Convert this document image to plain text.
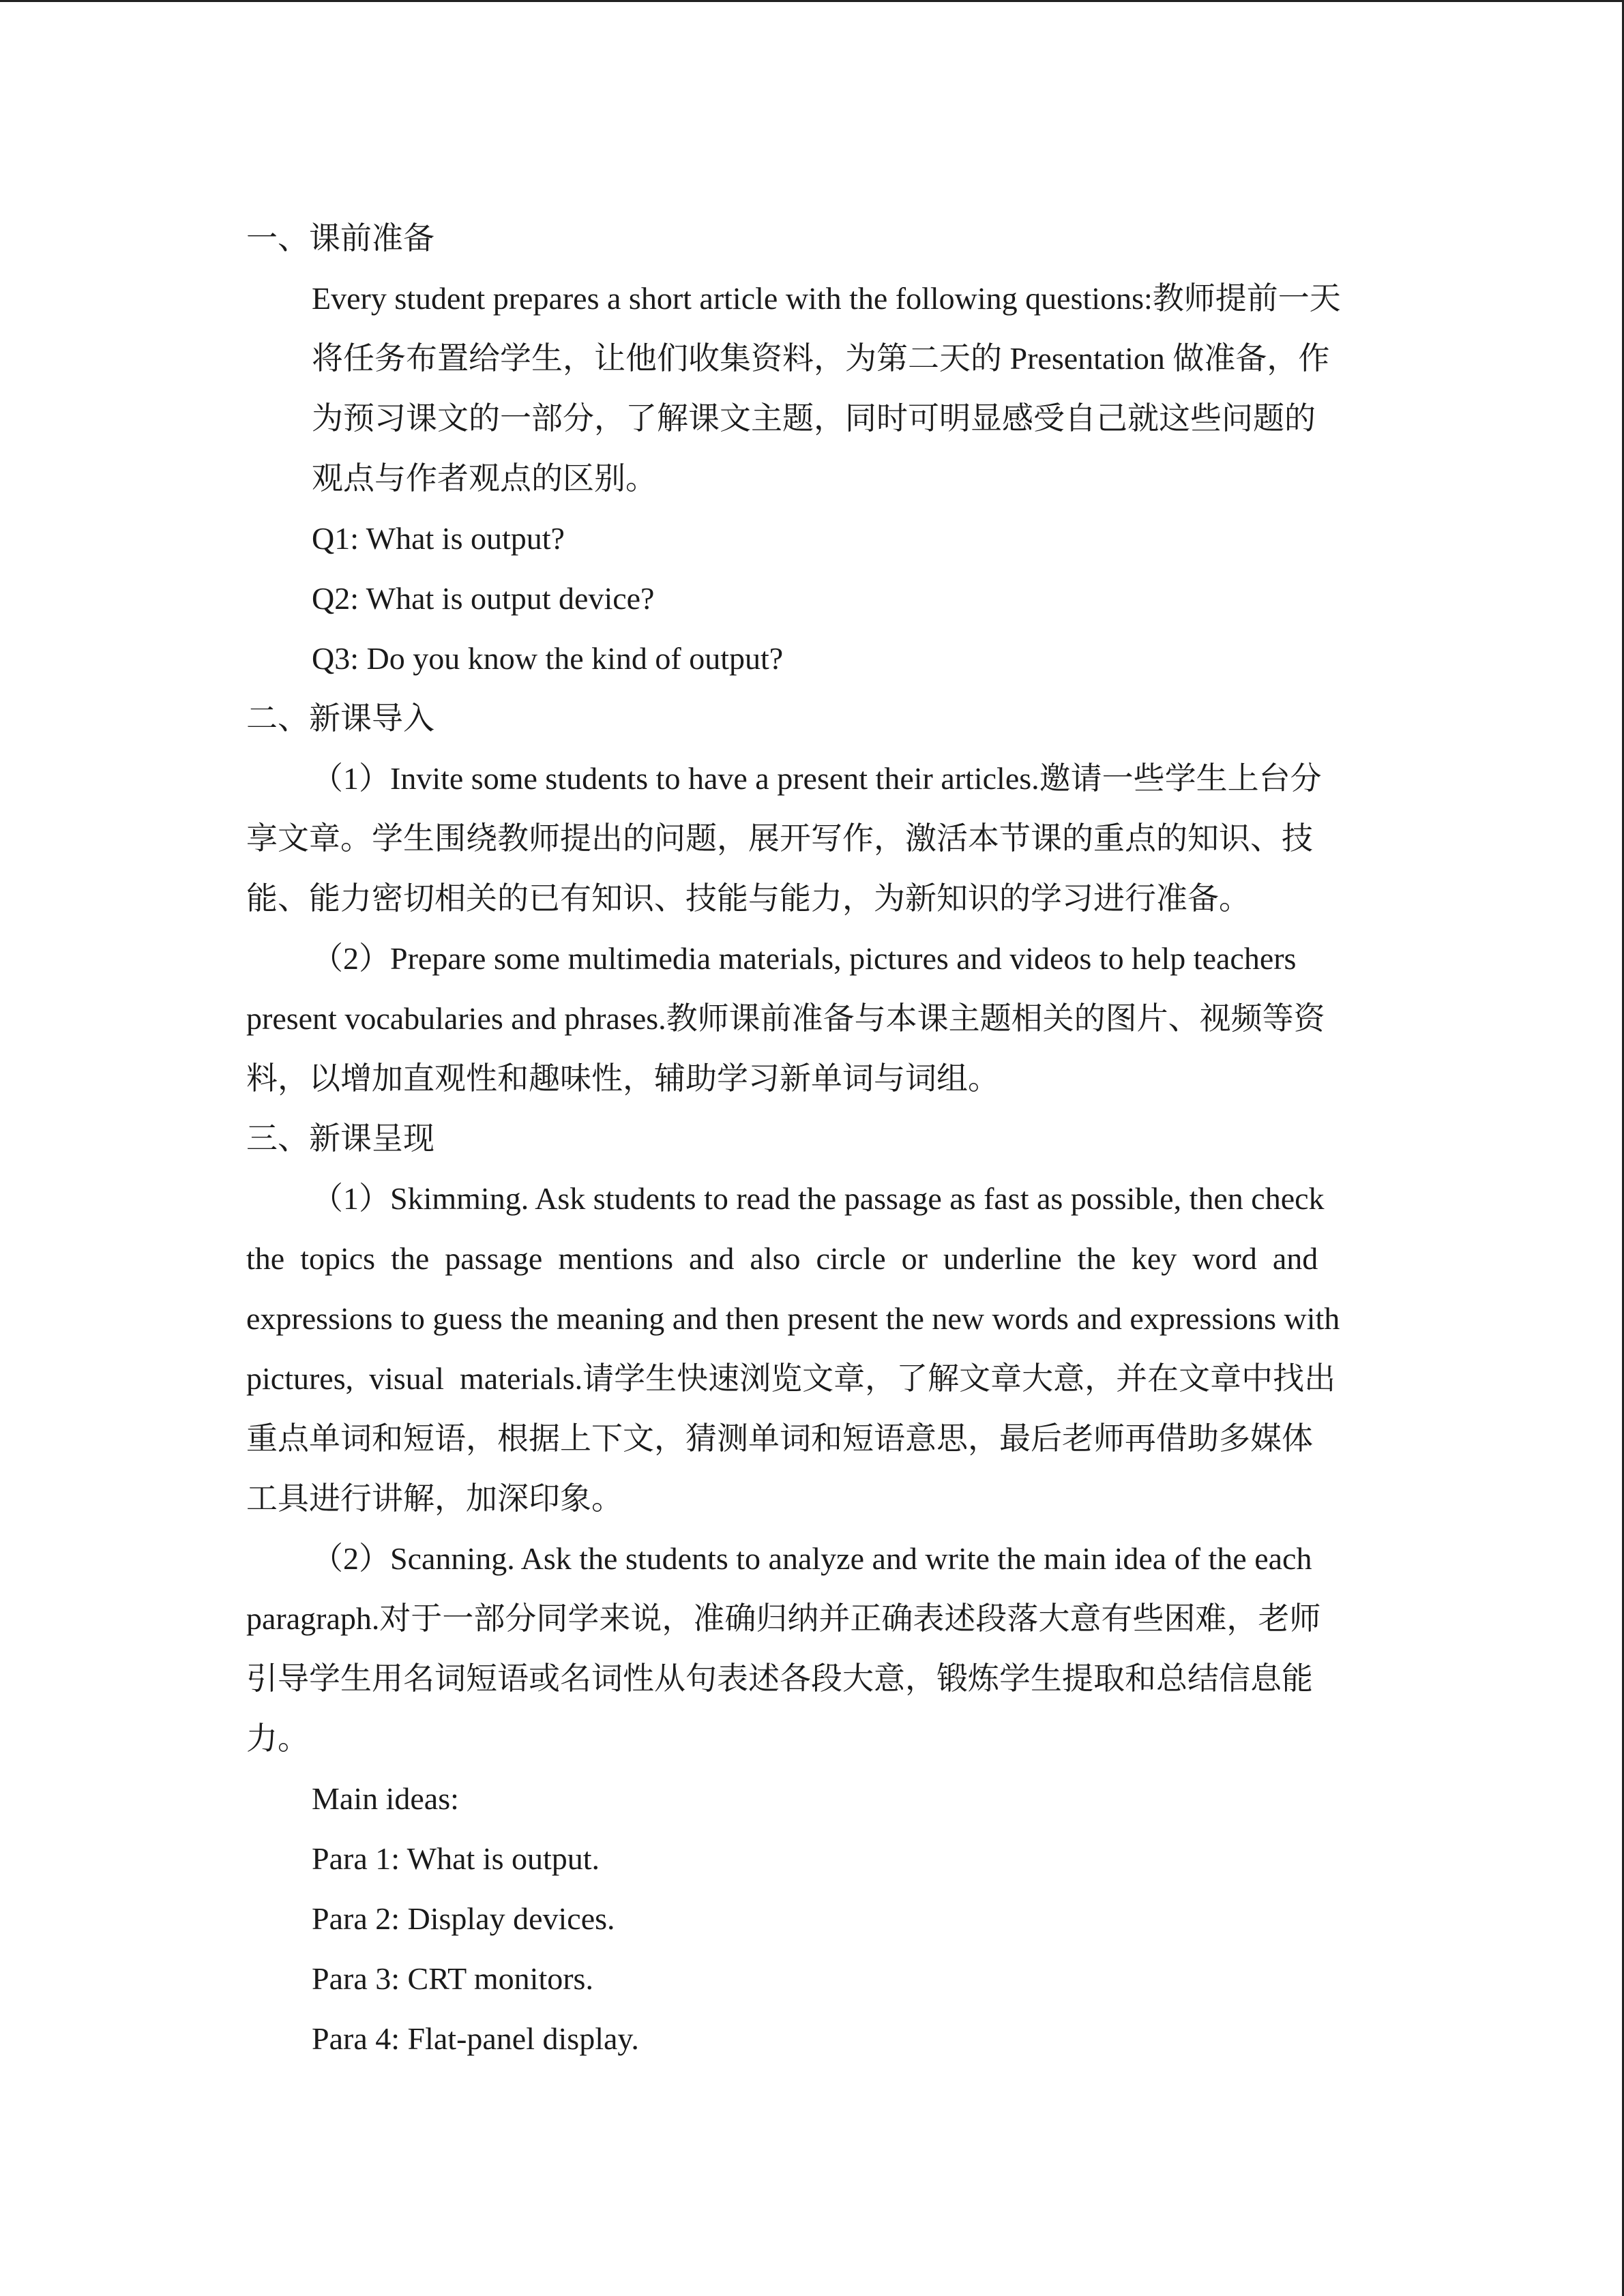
一、课前准备
Every student prepares a short article with the following questions:教师提前一天
将任务布置给学生，让他们收集资料，为第二天的 Presentation 做准备，作
为预习课文的一部分，了解课文主题，同时可明显感受自己就这些问题的
观点与作者观点的区别。
Q1: What is output?
Q2: What is output device?
Q3: Do you know the kind of output?
二、新课导入
（1）Invite some students to have a present their articles.邀请一些学生上台分
享文章。学生围绕教师提出的问题，展开写作，激活本节课的重点的知识、技
能、能力密切相关的已有知识、技能与能力，为新知识的学习进行准备。
（2）Prepare some multimedia materials, pictures and videos to help teachers
present vocabularies and phrases.教师课前准备与本课主题相关的图片、视频等资
料，以增加直观性和趣味性，辅助学习新单词与词组。
三、新课呈现
（1）Skimming. Ask students to read the passage as fast as possible, then check
the  topics  the  passage  mentions  and  also  circle  or  underline  the  key  word  and
expressions to guess the meaning and then present the new words and expressions with
pictures,  visual  materials.请学生快速浏览文章，了解文章大意，并在文章中找出
重点单词和短语，根据上下文，猜测单词和短语意思，最后老师再借助多媒体
工具进行讲解，加深印象。
（2）Scanning. Ask the students to analyze and write the main idea of the each
paragraph.对于一部分同学来说，准确归纳并正确表述段落大意有些困难，老师
引导学生用名词短语或名词性从句表述各段大意，锻炼学生提取和总结信息能
力。
Main ideas:
Para 1: What is output.
Para 2: Display devices.
Para 3: CRT monitors.
Para 4: Flat-panel display.
